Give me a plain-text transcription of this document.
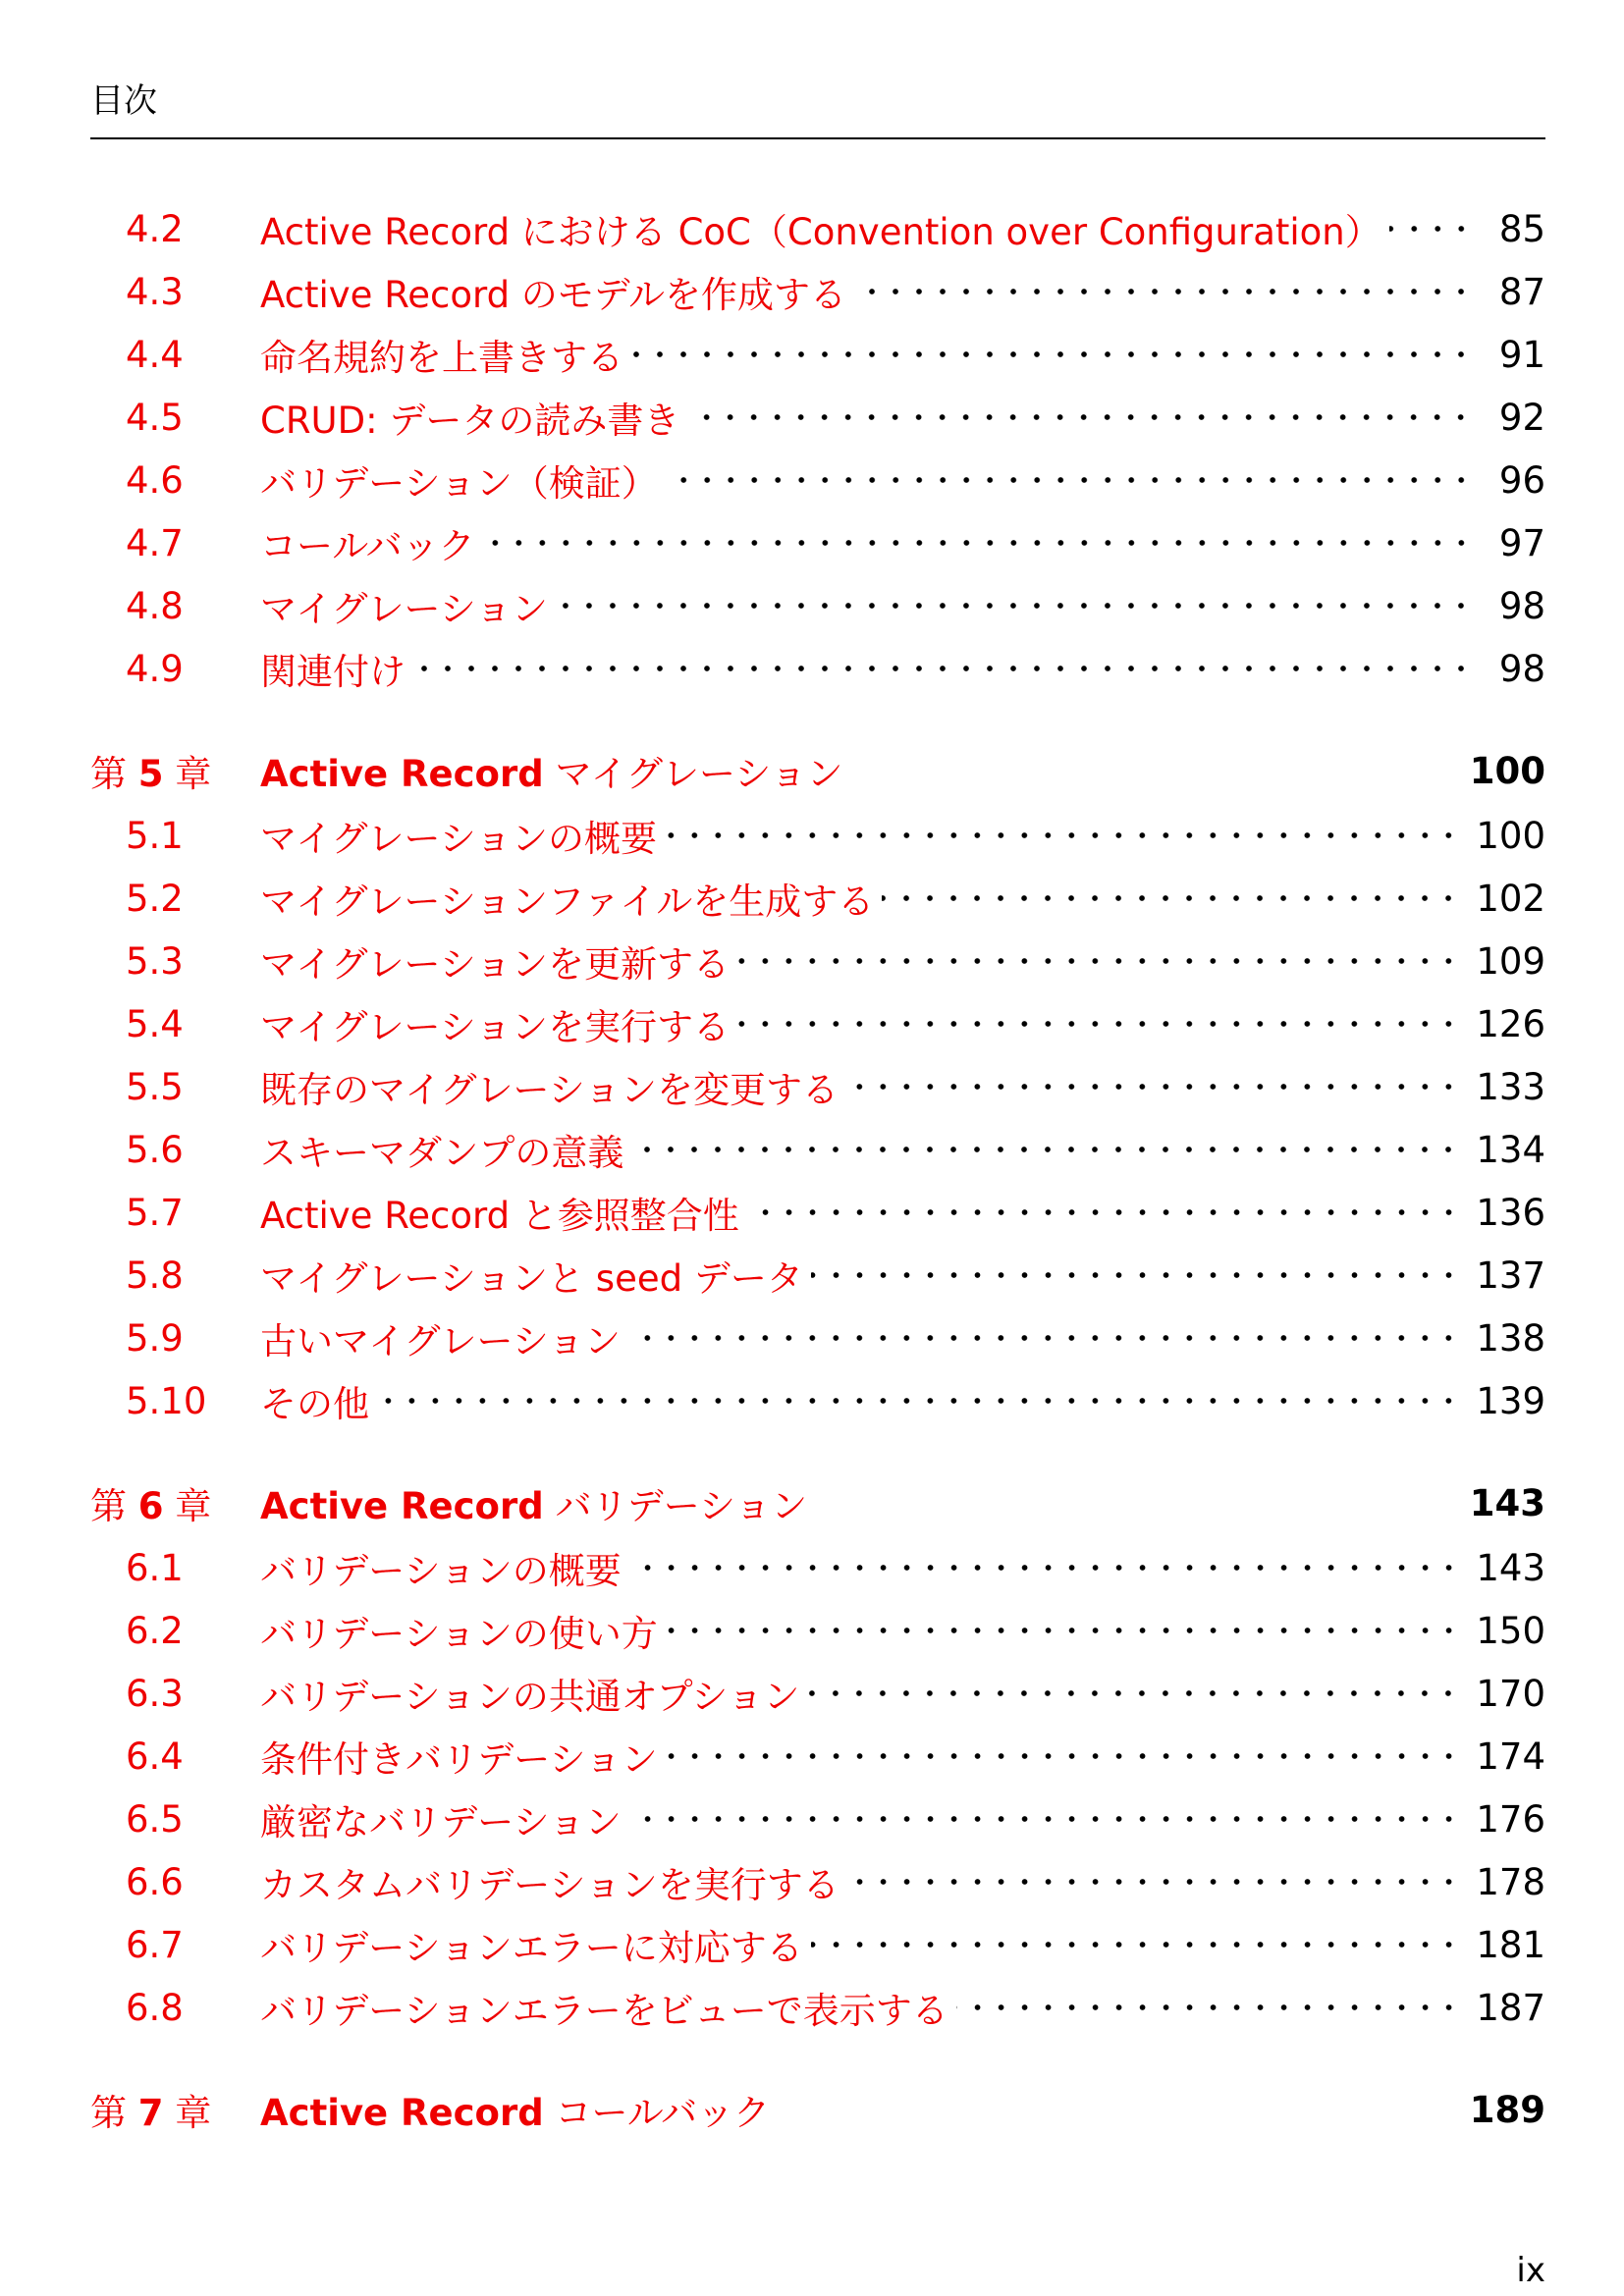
目次
4.2	Active Record における CoC（Convention over Configuration）	85
4.3	Active Record のモデルを作成する	87
4.4	命名規約を上書きする	91
4.5	CRUD: データの読み書き	92
4.6	バリデーション（検証）	96
4.7	コールバック	97
4.8	マイグレーション	98
4.9	関連付け	98
第 5 章	Active Record マイグレーション	100
5.1	マイグレーションの概要	100
5.2	マイグレーションファイルを生成する	102
5.3	マイグレーションを更新する	109
5.4	マイグレーションを実行する	126
5.5	既存のマイグレーションを変更する	133
5.6	スキーマダンプの意義	134
5.7	Active Record と参照整合性	136
5.8	マイグレーションと seed データ	137
5.9	古いマイグレーション	138
5.10	その他	139
第 6 章	Active Record バリデーション	143
6.1	バリデーションの概要	143
6.2	バリデーションの使い方	150
6.3	バリデーションの共通オプション	170
6.4	条件付きバリデーション	174
6.5	厳密なバリデーション	176
6.6	カスタムバリデーションを実行する	178
6.7	バリデーションエラーに対応する	181
6.8	バリデーションエラーをビューで表示する	187
第 7 章	Active Record コールバック	189
ix
